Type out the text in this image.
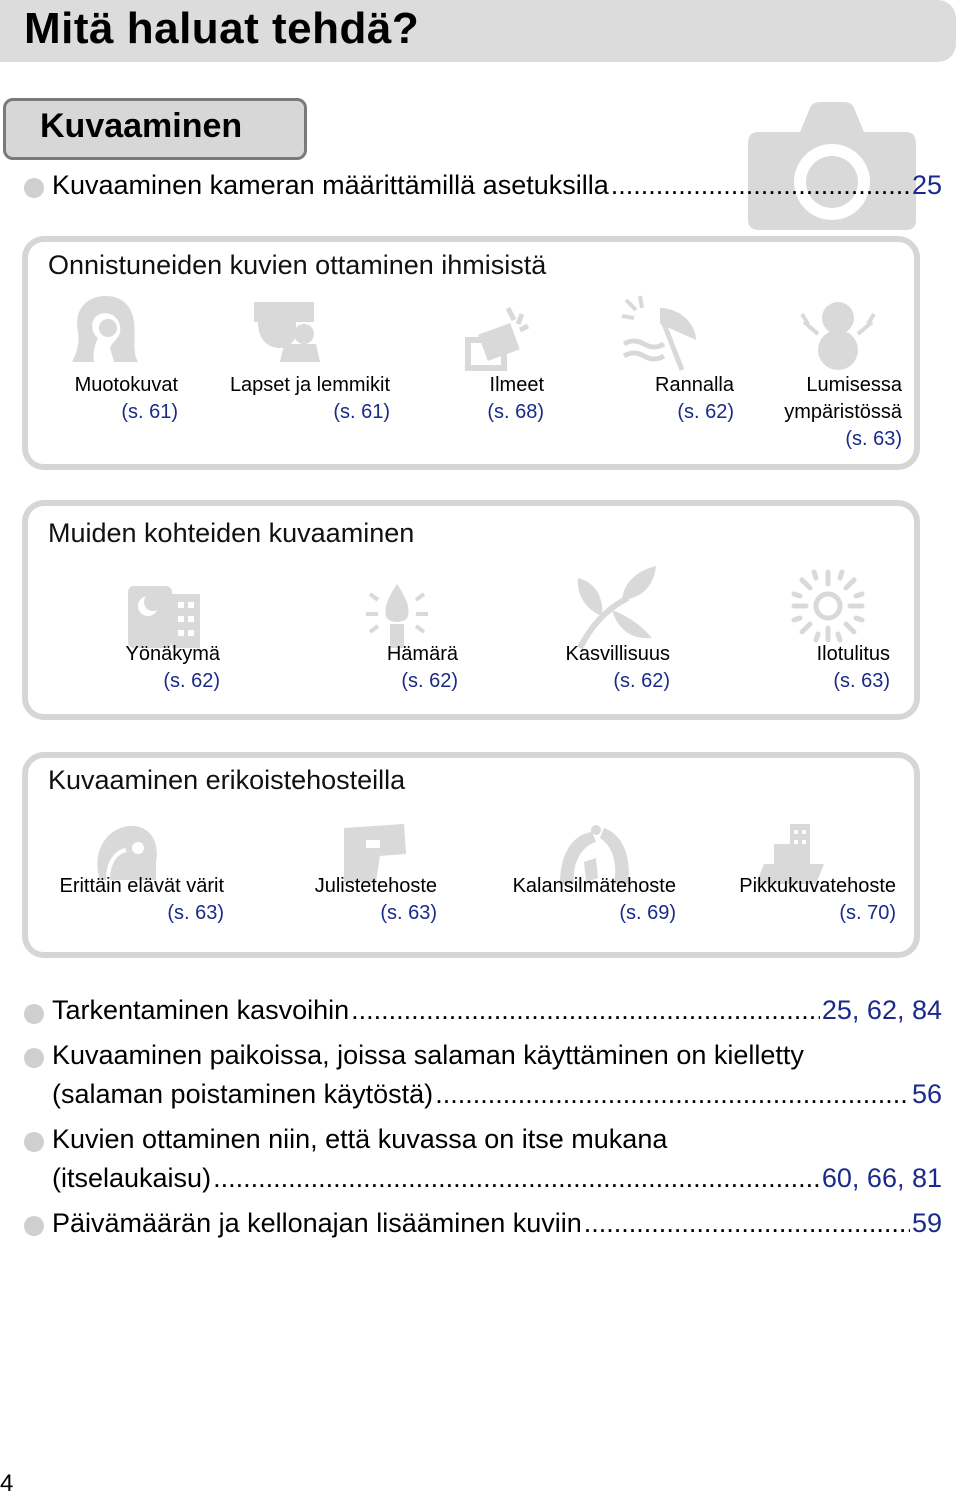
Mitä haluat tehdä?
Kuvaaminen
Kuvaaminen kameran määrittämillä asetuksilla .....	25
Onnistuneiden kuvien ottaminen ihmisistä
Muotokuvat
(s. 61)
Lapset ja lemmikit
(s. 61)
Ilmeet
(s. 68)
Rannalla
(s. 62)
Lumisessa
ympäristössä
(s. 63)
Muiden kohteiden kuvaaminen
Yönäkymä
(s. 62)
Hämärä
(s. 62)
Kasvillisuus
(s. 62)
Ilotulitus
(s. 63)
Kuvaaminen erikoistehosteilla
Erittäin elävät värit
(s. 63)
Julistetehoste
(s. 63)
Kalansilmätehoste
(s. 69)
Pikkukuvatehoste
(s. 70)
Tarkentaminen kasvoihin .....	25, 62, 84
Kuvaaminen paikoissa, joissa salaman käyttäminen on kielletty
(salaman poistaminen käytöstä) .....	56
Kuvien ottaminen niin, että kuvassa on itse mukana
(itselaukaisu) .....	60, 66, 81
Päivämäärän ja kellonajan lisääminen kuviin .....	59
4
